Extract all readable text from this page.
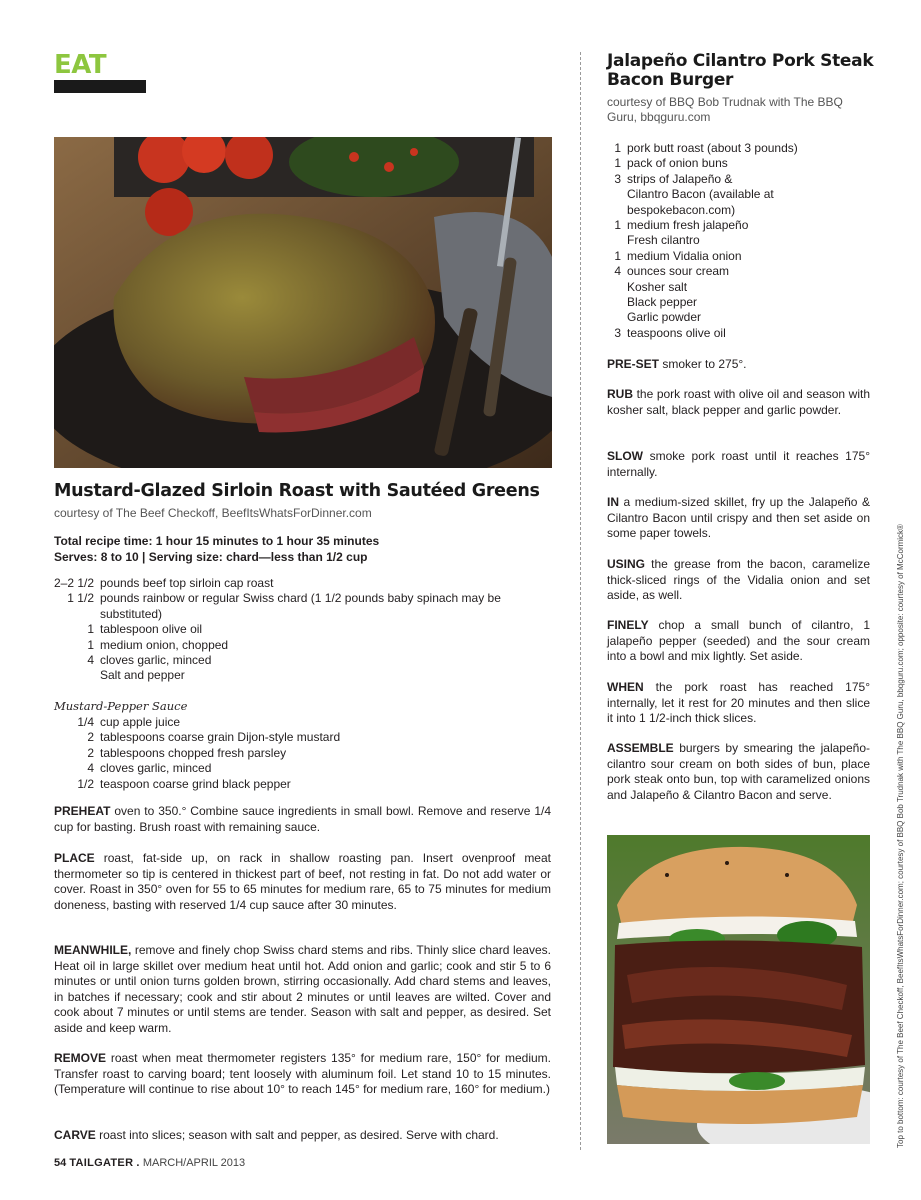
EAT
Mustard-Glazed Sirloin Roast with Sautéed Greens
courtesy of The Beef Checkoff, BeefItsWhatsForDinner.com
Total recipe time: 1 hour 15 minutes to 1 hour 35 minutes
Serves: 8 to 10 | Serving size: chard—less than 1/2 cup
2–2 1/2 pounds beef top sirloin cap roast
1 1/2 pounds rainbow or regular Swiss chard (1 1/2 pounds baby spinach may be substituted)
1 tablespoon olive oil
1 medium onion, chopped
4 cloves garlic, minced
Salt and pepper
Mustard-Pepper Sauce
1/4 cup apple juice
2 tablespoons coarse grain Dijon-style mustard
2 tablespoons chopped fresh parsley
4 cloves garlic, minced
1/2 teaspoon coarse grind black pepper
PREHEAT oven to 350.° Combine sauce ingredients in small bowl. Remove and reserve 1/4 cup for basting. Brush roast with remaining sauce.
PLACE roast, fat-side up, on rack in shallow roasting pan. Insert ovenproof meat thermometer so tip is centered in thickest part of beef, not resting in fat. Do not add water or cover. Roast in 350° oven for 55 to 65 minutes for medium rare, 65 to 75 minutes for medium doneness, basting with reserved 1/4 cup sauce after 30 minutes.
MEANWHILE, remove and finely chop Swiss chard stems and ribs. Thinly slice chard leaves. Heat oil in large skillet over medium heat until hot. Add onion and garlic; cook and stir 5 to 6 minutes or until onion turns golden brown, stirring occasionally. Add chard stems and leaves, in batches if necessary; cook and stir about 2 minutes or until leaves are wilted. Cover and cook about 7 minutes or until stems are tender. Season with salt and pepper, as desired. Set aside and keep warm.
REMOVE roast when meat thermometer registers 135° for medium rare, 150° for medium. Transfer roast to carving board; tent loosely with aluminum foil. Let stand 10 to 15 minutes. (Temperature will continue to rise about 10° to reach 145° for medium rare, 160° for medium.)
CARVE roast into slices; season with salt and pepper, as desired. Serve with chard.
54 TAILGATER . MARCH/APRIL 2013
Jalapeño Cilantro Pork Steak Bacon Burger
courtesy of BBQ Bob Trudnak with The BBQ Guru, bbqguru.com
1 pork butt roast (about 3 pounds)
1 pack of onion buns
3 strips of Jalapeño & Cilantro Bacon (available at bespokebacon.com)
1 medium fresh jalapeño
Fresh cilantro
1 medium Vidalia onion
4 ounces sour cream
Kosher salt
Black pepper
Garlic powder
3 teaspoons olive oil
PRE-SET smoker to 275°.
RUB the pork roast with olive oil and season with kosher salt, black pepper and garlic powder.
SLOW smoke pork roast until it reaches 175° internally.
IN a medium-sized skillet, fry up the Jalapeño & Cilantro Bacon until crispy and then set aside on some paper towels.
USING the grease from the bacon, caramelize thick-sliced rings of the Vidalia onion and set aside, as well.
FINELY chop a small bunch of cilantro, 1 jalapeño pepper (seeded) and the sour cream into a bowl and mix lightly. Set aside.
WHEN the pork roast has reached 175° internally, let it rest for 20 minutes and then slice it into 1 1/2-inch thick slices.
ASSEMBLE burgers by smearing the jalapeño-cilantro sour cream on both sides of bun, place pork steak onto bun, top with caramelized onions and Jalapeño & Cilantro Bacon and serve.	Top to bottom: courtesy of The Beef Checkoff, BeefItsWhatsForDinner.com; courtesy of BBQ Bob Trudnak with The BBQ Guru, bbqguru.com; opposite: courtesy of McCormick®
